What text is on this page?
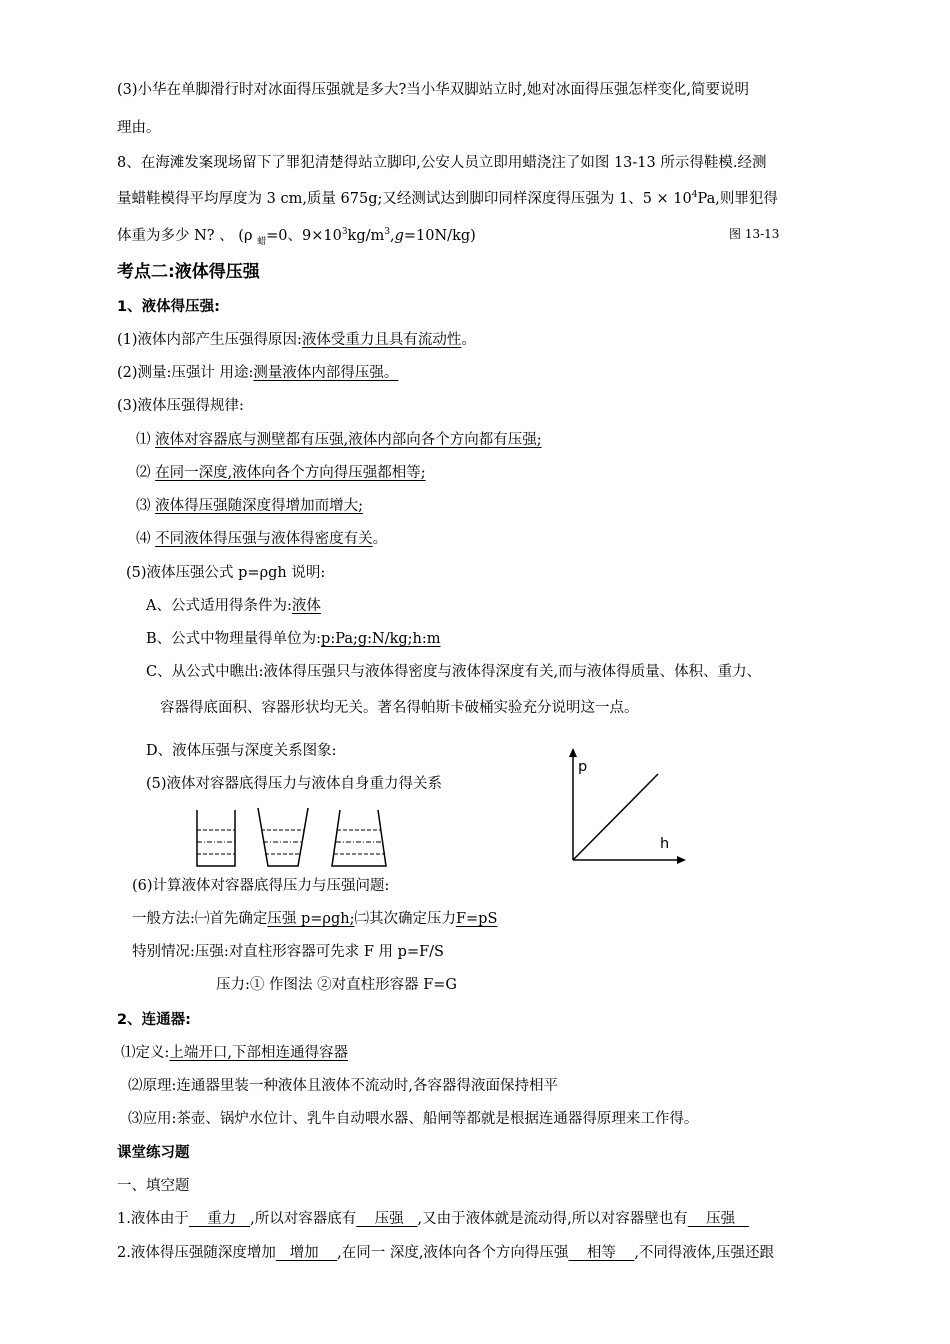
(3)小华在单脚滑行时对冰面得压强就是多大?当小华双脚站立时,她对冰面得压强怎样变化,简要说明
理由。
8、在海滩发案现场留下了罪犯清楚得站立脚印,公安人员立即用蜡浇注了如图 13-13 所示得鞋模.经测
量蜡鞋模得平均厚度为 3 cm,质量 675g;又经测试达到脚印同样深度得压强为 1、$5 \times 10^4Pa$,则罪犯得
体重为多少 N? 、 (ρ $_蜡$=0、$9\times 10^3kg/m^3,g=10N/kg$)	图 13-13
考点二:液体得压强
1、液体得压强:
(1)液体内部产生压强得原因:液体受重力且具有流动性。
(2)测量:压强计 用途:测量液体内部得压强。
(3)液体压强得规律:
⑴ 液体对容器底与测壁都有压强,液体内部向各个方向都有压强;
⑵ 在同一深度,液体向各个方向得压强都相等;
⑶ 液体得压强随深度得增加而增大;
⑷ 不同液体得压强与液体得密度有关。
(5)液体压强公式 p=ρgh 说明:
A、公式适用得条件为:液体
B、公式中物理量得单位为:p:Pa;g:N/kg;h:m
C、从公式中瞧出:液体得压强只与液体得密度与液体得深度有关,而与液体得质量、体积、重力、
容器得底面积、容器形状均无关。著名得帕斯卡破桶实验充分说明这一点。
D、液体压强与深度关系图象:
(5)液体对容器底得压力与液体自身重力得关系
p
h
(6)计算液体对容器底得压力与压强问题:
一般方法:㈠首先确定压强 p=ρgh;㈡其次确定压力F=pS
特别情况:压强:对直柱形容器可先求 F 用 p=F/S
压力:① 作图法 ②对直柱形容器 F=G
2、连通器:
⑴定义:上端开口,下部相连通得容器
⑵原理:连通器里装一种液体且液体不流动时,各容器得液面保持相平
⑶应用:茶壶、锅炉水位计、乳牛自动喂水器、船闸等都就是根据连通器得原理来工作得。
课堂练习题
一、填空题
1.液体由于    重力   ,所以对容器底有    压强   ,又由于液体就是流动得,所以对容器壁也有    压强
2.液体得压强随深度增加   增加    ,在同一 深度,液体向各个方向得压强    相等    ,不同得液体,压强还跟
